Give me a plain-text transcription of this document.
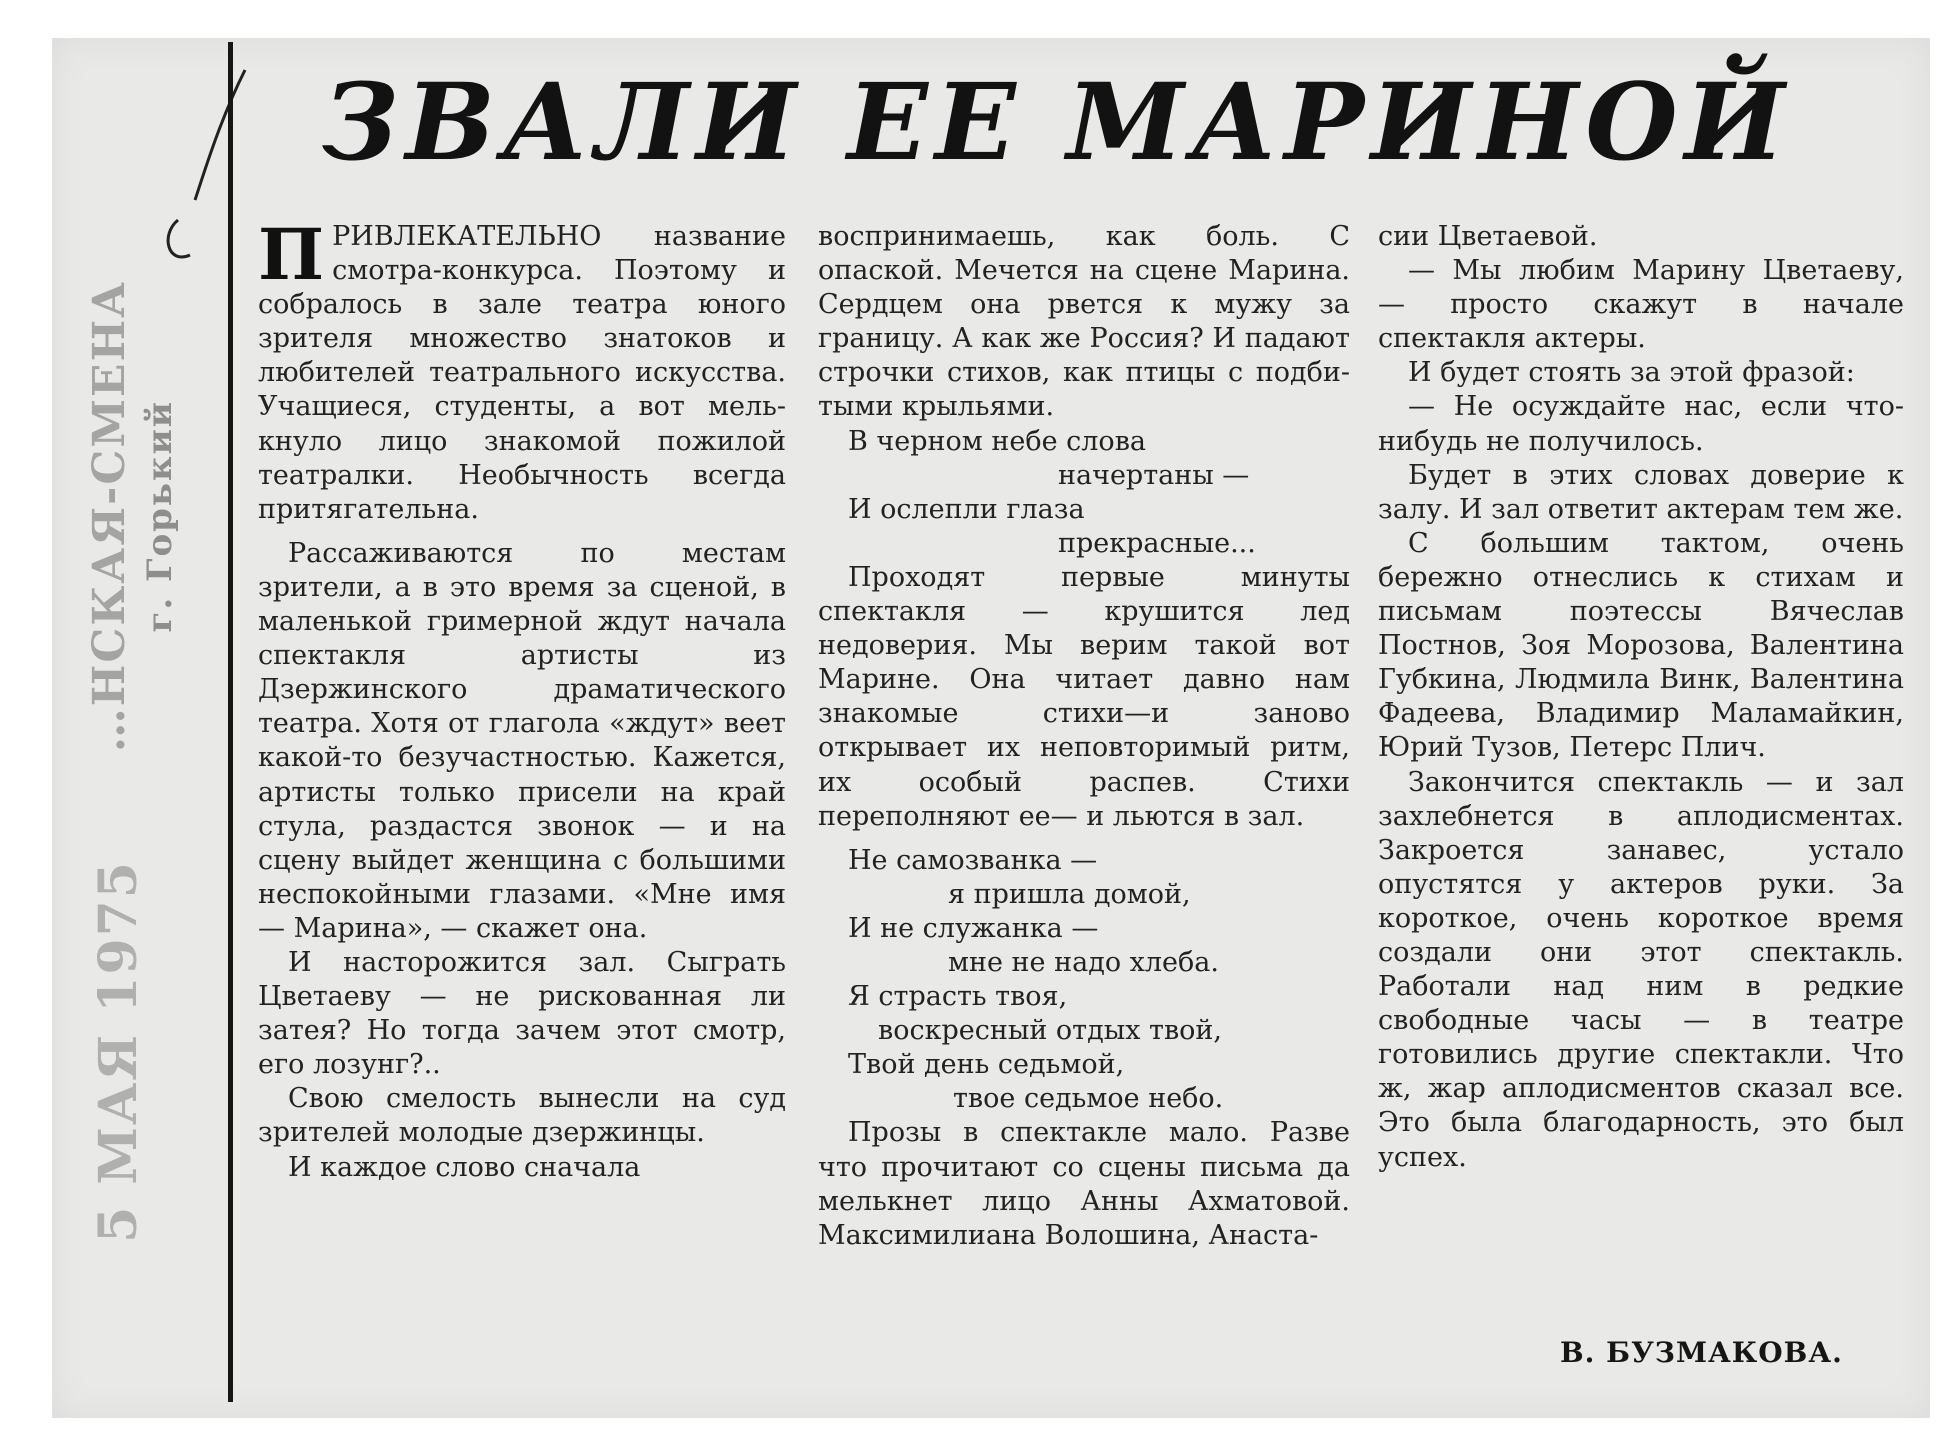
…НСКАЯ-СМЕНА г. Горький
5 МАЯ 1975
ЗВАЛИ ЕЕ МАРИНОЙ

ПРИВЛЕКАТЕЛЬНО название смотра-конкурса. Поэтому и собралось в зале театра юного зрителя множество знатоков и любителей театрального искусства. Учащиеся, студенты, а вот мелькнуло лицо знакомой пожилой театралки. Необычность всегда притягательна.

Рассаживаются по местам зрители, а в это время за сценой, в маленькой гримерной ждут начала спектакля артисты из Дзержинского драматического театра. Хотя от глагола «ждут» веет какой-то безучастностью. Кажется, артисты только присели на край стула, раздастся звонок — и на сцену выйдет женщина с большими неспокойными глазами. «Мне имя — Марина», — скажет она.

И насторожится зал. Сыграть Цветаеву — не рискованная ли затея? Но тогда зачем этот смотр, его лозунг?..

Свою смелость вынесли на суд зрителей молодые дзержинцы.

И каждое слово сначала

воспринимаешь, как боль. С опаской. Мечется на сцене Марина. Сердцем она рвется к мужу за границу. А как же Россия? И падают строчки стихов, как птицы с подбитыми крыльями.

В черном небе слова
начертаны —
И ослепли глаза
прекрасные...

Проходят первые минуты спектакля — крушится лед недоверия. Мы верим такой вот Марине. Она читает давно нам знакомые стихи—и заново открывает их неповторимый ритм, их особый распев. Стихи переполняют ее— и льются в зал.

Не самозванка —
я пришла домой,
И не служанка —
мне не надо хлеба.
Я страсть твоя,
воскресный отдых твой,
Твой день седьмой,
твое седьмое небо.

Прозы в спектакле мало. Разве что прочитают со сцены письма да мелькнет лицо Анны Ахматовой. Максимилиана Волошина, Анаста-

сии Цветаевой.

— Мы любим Марину Цветаеву, — просто скажут в начале спектакля актеры.

И будет стоять за этой фразой:

— Не осуждайте нас, если что-нибудь не получилось.

Будет в этих словах доверие к залу. И зал ответит актерам тем же.

С большим тактом, очень бережно отнеслись к стихам и письмам поэтессы Вячеслав Постнов, Зоя Морозова, Валентина Губкина, Людмила Винк, Валентина Фадеева, Владимир Маламайкин, Юрий Тузов, Петерс Плич.

Закончится спектакль — и зал захлебнется в аплодисментах. Закроется занавес, устало опустятся у актеров руки. За короткое, очень короткое время создали они этот спектакль. Работали над ним в редкие свободные часы — в театре готовились другие спектакли. Что ж, жар аплодисментов сказал все. Это была благодарность, это был успех.

В. БУЗМАКОВА.
